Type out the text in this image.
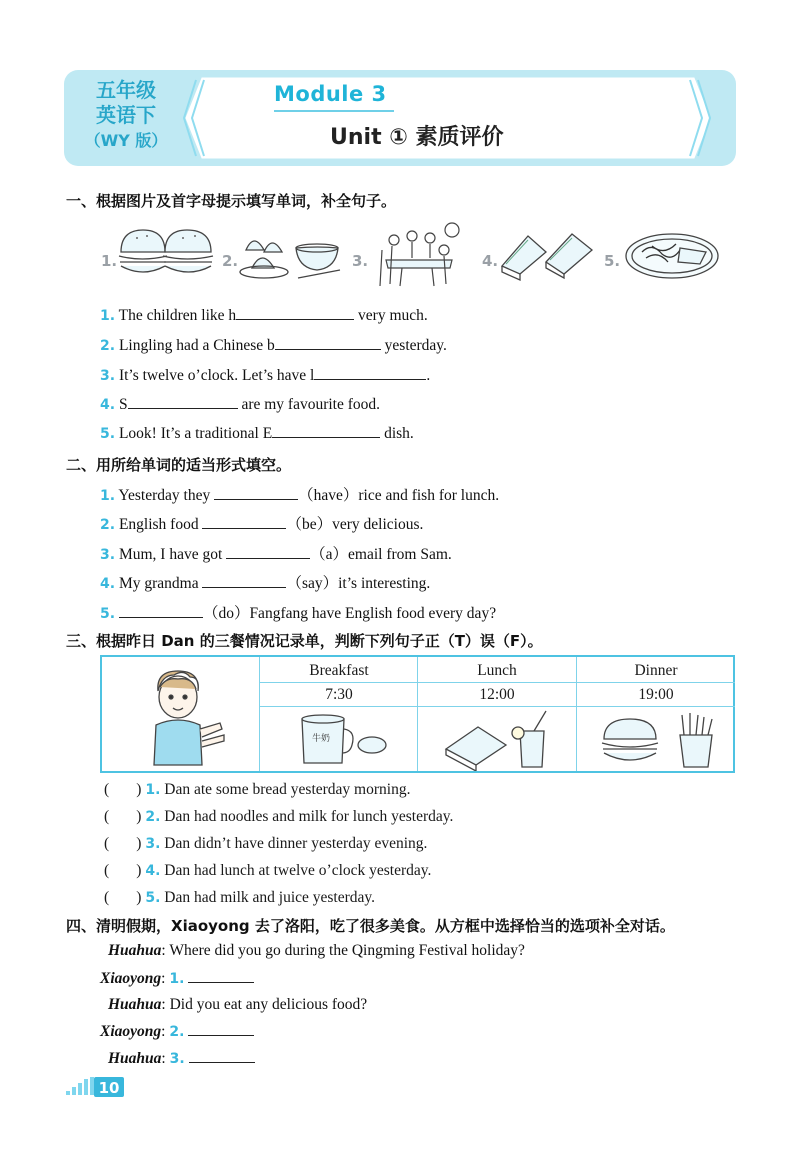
五年级
英语下
（WY 版）
Module 3
Unit ① 素质评价
一、根据图片及首字母提示填写单词，补全句子。
1.	2.	3.	4.	5.
1. The children like h	very much.
2. Lingling had a Chinese b	yesterday.
3. It’s twelve o’clock. Let’s have l	.
4. S	are my favourite food.
5. Look! It’s a traditional E	dish.
二、用所给单词的适当形式填空。
1. Yesterday they	（have）rice and fish for lunch.
2. English food	（be）very delicious.
3. Mum, I have got	（a）email from Sam.
4. My grandma	（say）it’s interesting.
5.	（do）Fangfang have English food every day?
三、根据昨日 Dan 的三餐情况记录单，判断下列句子正（T）误（F）。
Breakfast	Lunch	Dinner
7:30	12:00	19:00
牛奶
(       ) 1. Dan ate some bread yesterday morning.
(       ) 2. Dan had noodles and milk for lunch yesterday.
(       ) 3. Dan didn’t have dinner yesterday evening.
(       ) 4. Dan had lunch at twelve o’clock yesterday.
(       ) 5. Dan had milk and juice yesterday.
四、清明假期，Xiaoyong 去了洛阳，吃了很多美食。从方框中选择恰当的选项补全对话。
Huahua: Where did you go during the Qingming Festival holiday?
Xiaoyong: 1.
Huahua: Did you eat any delicious food?
Xiaoyong: 2.
Huahua: 3.
10
